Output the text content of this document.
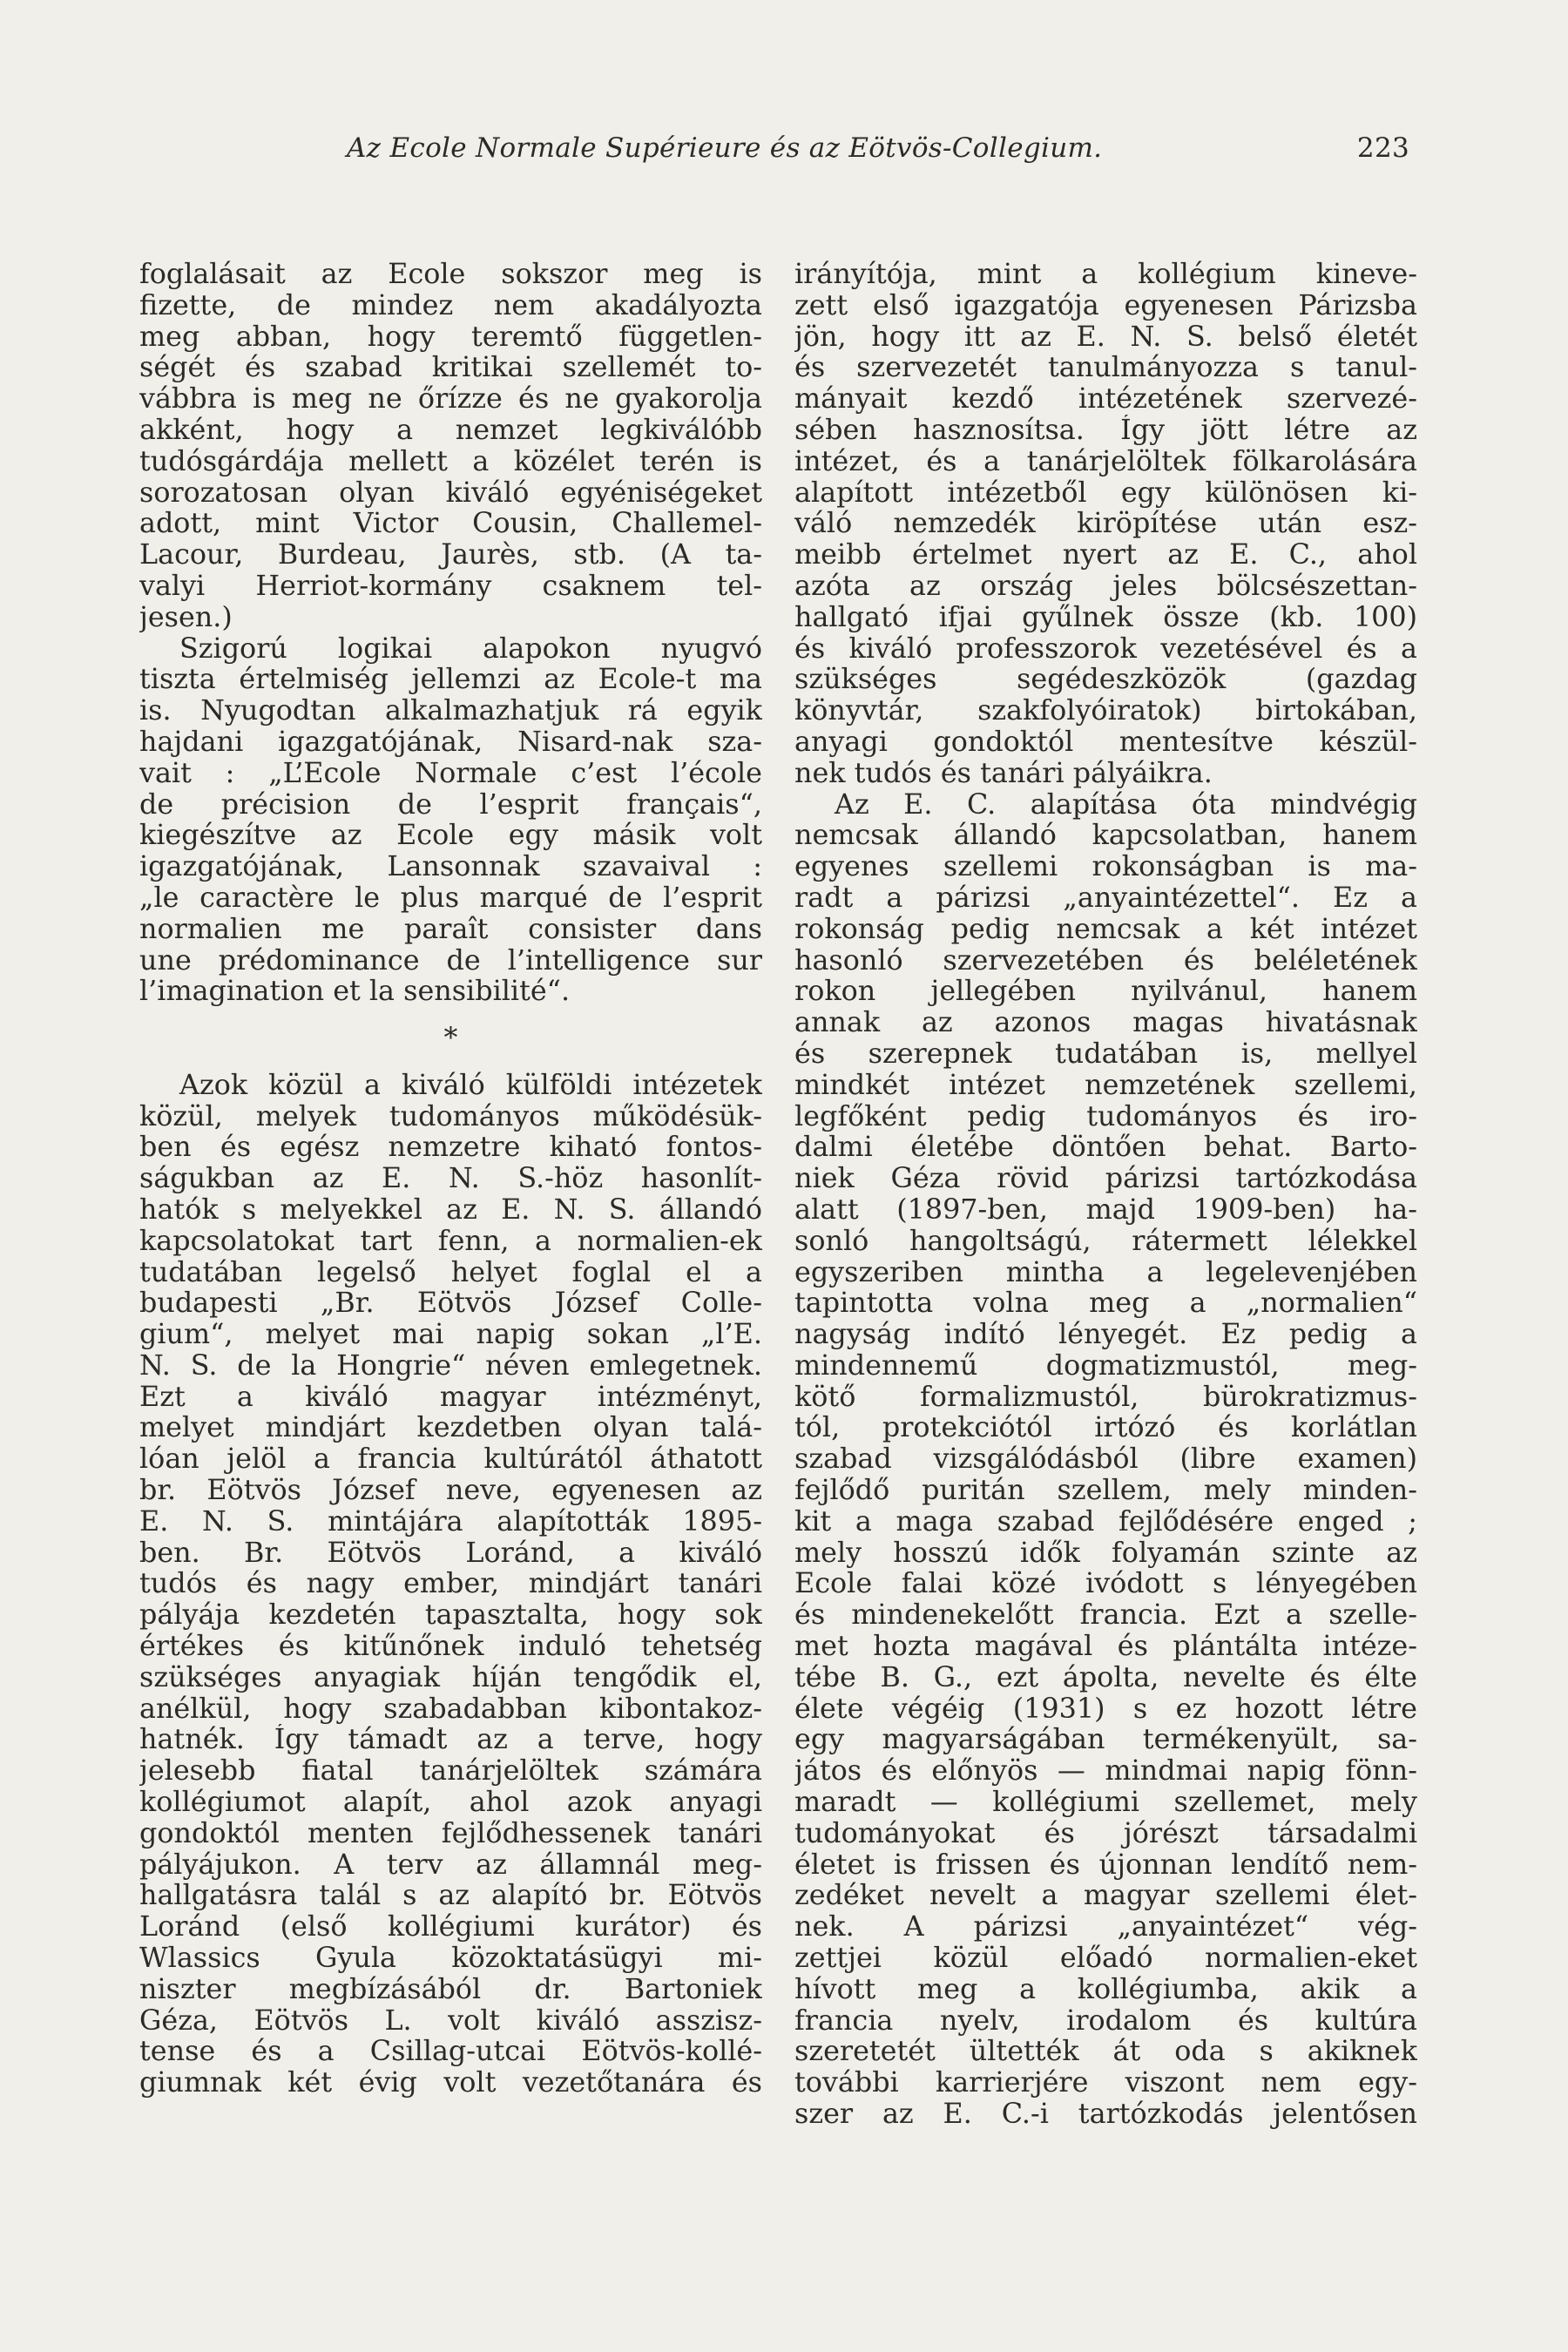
Az Ecole Normale Supérieure és az Eötvös-Collegium.	223
foglalásait az Ecole sokszor meg is
fizette, de mindez nem akadályozta
meg abban, hogy teremtő független-
ségét és szabad kritikai szellemét to-
vábbra is meg ne őrízze és ne gyakorolja
akként, hogy a nemzet legkiválóbb
tudósgárdája mellett a közélet terén is
sorozatosan olyan kiváló egyéniségeket
adott, mint Victor Cousin, Challemel-
Lacour, Burdeau, Jaurès, stb. (A ta-
valyi Herriot-kormány csaknem tel-
jesen.)
Szigorú logikai alapokon nyugvó
tiszta értelmiség jellemzi az Ecole-t ma
is. Nyugodtan alkalmazhatjuk rá egyik
hajdani igazgatójának, Nisard-nak sza-
vait : „L’Ecole Normale c’est l’école
de précision de l’esprit français“,
kiegészítve az Ecole egy másik volt
igazgatójának, Lansonnak szavaival :
„le caractère le plus marqué de l’esprit
normalien me paraît consister dans
une prédominance de l’intelligence sur
l’imagination et la sensibilité“.
*
Azok közül a kiváló külföldi intézetek
közül, melyek tudományos működésük-
ben és egész nemzetre kiható fontos-
ságukban az E. N. S.-höz hasonlít-
hatók s melyekkel az E. N. S. állandó
kapcsolatokat tart fenn, a normalien-ek
tudatában legelső helyet foglal el a
budapesti „Br. Eötvös József Colle-
gium“, melyet mai napig sokan „l’E.
N. S. de la Hongrie“ néven emlegetnek.
Ezt a kiváló magyar intézményt,
melyet mindjárt kezdetben olyan talá-
lóan jelöl a francia kultúrától áthatott
br. Eötvös József neve, egyenesen az
E. N. S. mintájára alapították 1895-
ben. Br. Eötvös Loránd, a kiváló
tudós és nagy ember, mindjárt tanári
pályája kezdetén tapasztalta, hogy sok
értékes és kitűnőnek induló tehetség
szükséges anyagiak híján tengődik el,
anélkül, hogy szabadabban kibontakoz-
hatnék. Így támadt az a terve, hogy
jelesebb fiatal tanárjelöltek számára
kollégiumot alapít, ahol azok anyagi
gondoktól menten fejlődhessenek tanári
pályájukon. A terv az államnál meg-
hallgatásra talál s az alapító br. Eötvös
Loránd (első kollégiumi kurátor) és
Wlassics Gyula közoktatásügyi mi-
niszter megbízásából dr. Bartoniek
Géza, Eötvös L. volt kiváló asszisz-
tense és a Csillag-utcai Eötvös-kollé-
giumnak két évig volt vezetőtanára és
irányítója, mint a kollégium kineve-
zett első igazgatója egyenesen Párizsba
jön, hogy itt az E. N. S. belső életét
és szervezetét tanulmányozza s tanul-
mányait kezdő intézetének szervezé-
sében hasznosítsa. Így jött létre az
intézet, és a tanárjelöltek fölkarolására
alapított intézetből egy különösen ki-
váló nemzedék kiröpítése után esz-
meibb értelmet nyert az E. C., ahol
azóta az ország jeles bölcsészettan-
hallgató ifjai gyűlnek össze (kb. 100)
és kiváló professzorok vezetésével és a
szükséges segédeszközök (gazdag
könyvtár, szakfolyóiratok) birtokában,
anyagi gondoktól mentesítve készül-
nek tudós és tanári pályáikra.
Az E. C. alapítása óta mindvégig
nemcsak állandó kapcsolatban, hanem
egyenes szellemi rokonságban is ma-
radt a párizsi „anyaintézettel“. Ez a
rokonság pedig nemcsak a két intézet
hasonló szervezetében és beléletének
rokon jellegében nyilvánul, hanem
annak az azonos magas hivatásnak
és szerepnek tudatában is, mellyel
mindkét intézet nemzetének szellemi,
legfőként pedig tudományos és iro-
dalmi életébe döntően behat. Barto-
niek Géza rövid párizsi tartózkodása
alatt (1897-ben, majd 1909-ben) ha-
sonló hangoltságú, rátermett lélekkel
egyszeriben mintha a legelevenjében
tapintotta volna meg a „normalien“
nagyság indító lényegét. Ez pedig a
mindennemű dogmatizmustól, meg-
kötő formalizmustól, bürokratizmus-
tól, protekciótól irtózó és korlátlan
szabad vizsgálódásból (libre examen)
fejlődő puritán szellem, mely minden-
kit a maga szabad fejlődésére enged ;
mely hosszú idők folyamán szinte az
Ecole falai közé ivódott s lényegében
és mindenekelőtt francia. Ezt a szelle-
met hozta magával és plántálta intéze-
tébe B. G., ezt ápolta, nevelte és élte
élete végéig (1931) s ez hozott létre
egy magyarságában termékenyült, sa-
játos és előnyös — mindmai napig fönn-
maradt — kollégiumi szellemet, mely
tudományokat és jórészt társadalmi
életet is frissen és újonnan lendítő nem-
zedéket nevelt a magyar szellemi élet-
nek. A párizsi „anyaintézet“ vég-
zettjei közül előadó normalien-eket
hívott meg a kollégiumba, akik a
francia nyelv, irodalom és kultúra
szeretetét ültették át oda s akiknek
további karrierjére viszont nem egy-
szer az E. C.-i tartózkodás jelentősen
